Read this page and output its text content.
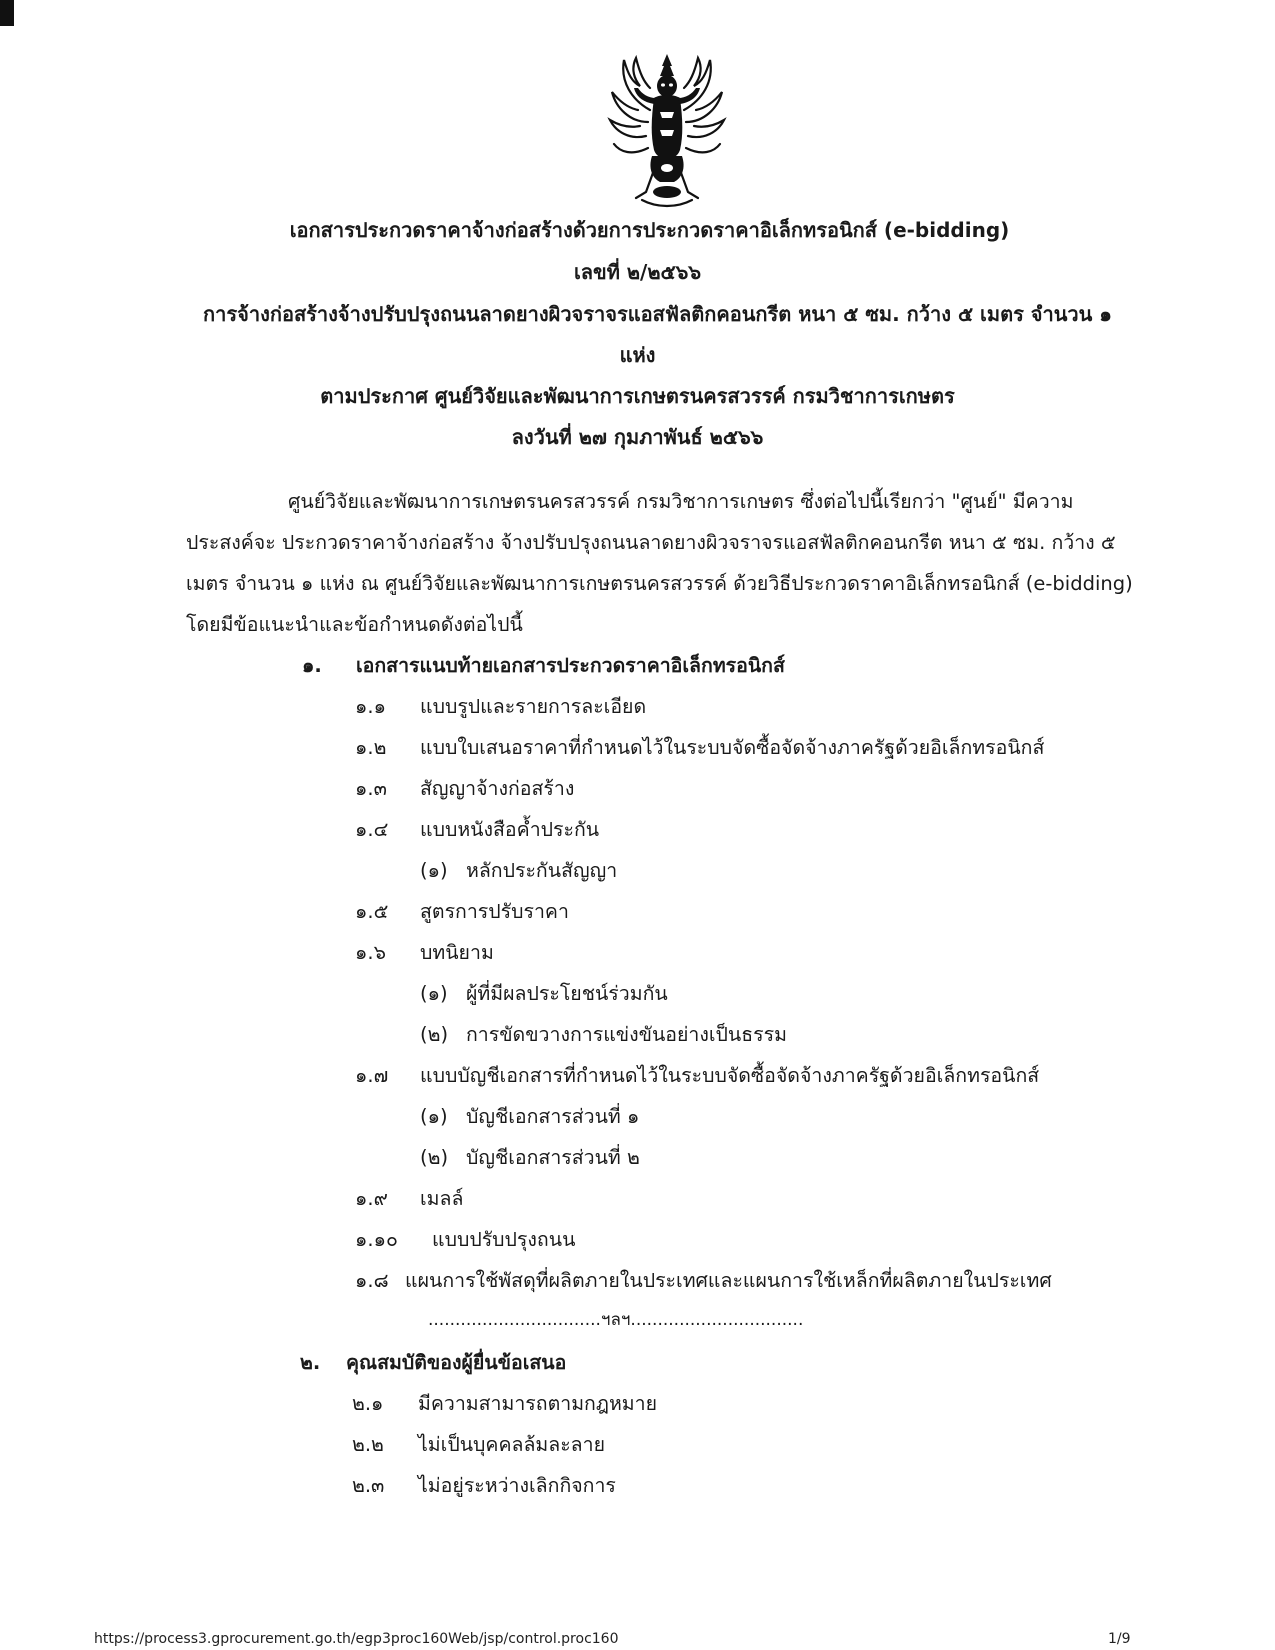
เอกสารประกวดราคาจ้างก่อสร้างด้วยการประกวดราคาอิเล็กทรอนิกส์ (e-bidding)
เลขที่ ๒/๒๕๖๖
การจ้างก่อสร้างจ้างปรับปรุงถนนลาดยางผิวจราจรแอสฟัลติกคอนกรีต หนา ๕ ซม. กว้าง ๕ เมตร จำนวน ๑
แห่ง
ตามประกาศ ศูนย์วิจัยและพัฒนาการเกษตรนครสวรรค์ กรมวิชาการเกษตร
ลงวันที่ ๒๗ กุมภาพันธ์ ๒๕๖๖
ศูนย์วิจัยและพัฒนาการเกษตรนครสวรรค์ กรมวิชาการเกษตร ซึ่งต่อไปนี้เรียกว่า "ศูนย์" มีความ
ประสงค์จะ ประกวดราคาจ้างก่อสร้าง จ้างปรับปรุงถนนลาดยางผิวจราจรแอสฟัลติกคอนกรีต หนา ๕ ซม. กว้าง ๕
เมตร จำนวน ๑ แห่ง ณ ศูนย์วิจัยและพัฒนาการเกษตรนครสวรรค์ ด้วยวิธีประกวดราคาอิเล็กทรอนิกส์ (e-bidding)
โดยมีข้อแนะนำและข้อกำหนดดังต่อไปนี้
๑. เอกสารแนบท้ายเอกสารประกวดราคาอิเล็กทรอนิกส์
๑.๑ แบบรูปและรายการละเอียด
๑.๒ แบบใบเสนอราคาที่กำหนดไว้ในระบบจัดซื้อจัดจ้างภาครัฐด้วยอิเล็กทรอนิกส์
๑.๓ สัญญาจ้างก่อสร้าง
๑.๔ แบบหนังสือค้ำประกัน
(๑) หลักประกันสัญญา
๑.๕ สูตรการปรับราคา
๑.๖ บทนิยาม
(๑) ผู้ที่มีผลประโยชน์ร่วมกัน
(๒) การขัดขวางการแข่งขันอย่างเป็นธรรม
๑.๗ แบบบัญชีเอกสารที่กำหนดไว้ในระบบจัดซื้อจัดจ้างภาครัฐด้วยอิเล็กทรอนิกส์
(๑) บัญชีเอกสารส่วนที่ ๑
(๒) บัญชีเอกสารส่วนที่ ๒
๑.๙ เมลล์
๑.๑๐ แบบปรับปรุงถนน
๑.๘ แผนการใช้พัสดุที่ผลิตภายในประเทศและแผนการใช้เหล็กที่ผลิตภายในประเทศ
................................ฯลฯ................................
๒. คุณสมบัติของผู้ยื่นข้อเสนอ
๒.๑ มีความสามารถตามกฎหมาย
๒.๒ ไม่เป็นบุคคลล้มละลาย
๒.๓ ไม่อยู่ระหว่างเลิกกิจการ
https://process3.gprocurement.go.th/egp3proc160Web/jsp/control.proc160	1/9
